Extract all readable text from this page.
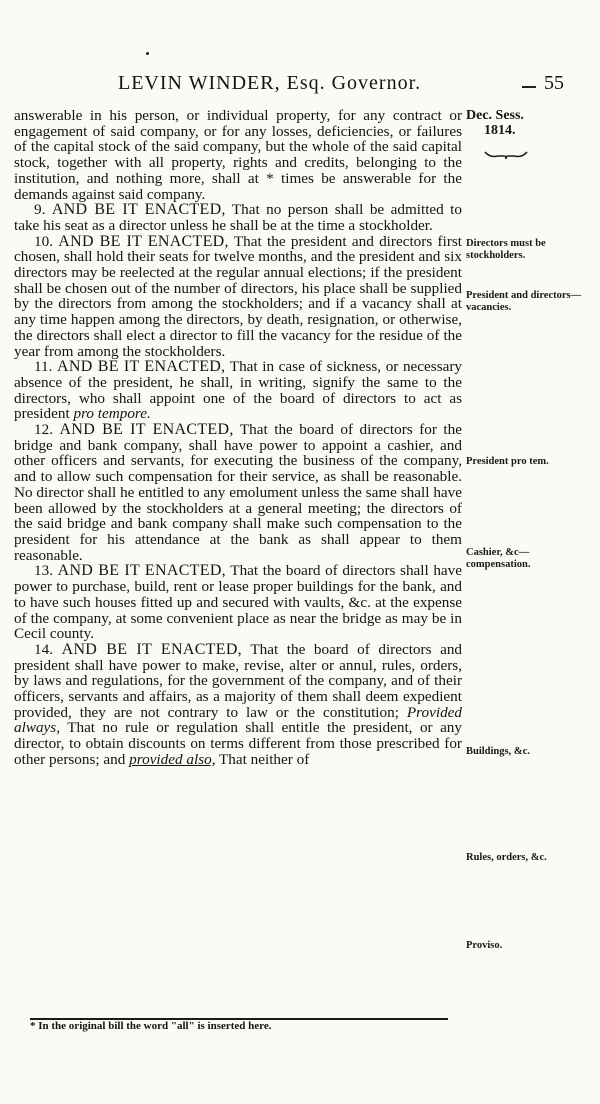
LEVIN WINDER, Esq. Governor.	55
Dec. Sess.
1814.

answerable in his person, or individual property, for any contract or engagement of said company, or for any losses, deficiencies, or failures of the capital stock of the said company, but the whole of the said capital stock, together with all property, rights and credits, belonging to the institution, and nothing more, shall at * times be answerable for the demands against said company.

9. AND BE IT ENACTED, That no person shall be admitted to take his seat as a director unless he shall be at the time a stockholder.

10. AND BE IT ENACTED, That the president and directors first chosen, shall hold their seats for twelve months, and the president and six directors may be reelected at the regular annual elections; if the president shall be chosen out of the number of directors, his place shall be supplied by the directors from among the stockholders; and if a vacancy shall at any time happen among the directors, by death, resignation, or otherwise, the directors shall elect a director to fill the vacancy for the residue of the year from among the stockholders.

11. AND BE IT ENACTED, That in case of sickness, or necessary absence of the president, he shall, in writing, signify the same to the directors, who shall appoint one of the board of directors to act as president pro tempore.

12. AND BE IT ENACTED, That the board of directors for the bridge and bank company, shall have power to appoint a cashier, and other officers and servants, for executing the business of the company, and to allow such compensation for their service, as shall be reasonable. No director shall he entitled to any emolument unless the same shall have been allowed by the stockholders at a general meeting; the directors of the said bridge and bank company shall make such compensation to the president for his attendance at the bank as shall appear to them reasonable.

13. AND BE IT ENACTED, That the board of directors shall have power to purchase, build, rent or lease proper buildings for the bank, and to have such houses fitted up and secured with vaults, &c. at the expense of the company, at some convenient place as near the bridge as may be in Cecil county.

14. AND BE IT ENACTED, That the board of directors and president shall have power to make, revise, alter or annul, rules, orders, by laws and regulations, for the government of the company, and of their officers, servants and affairs, as a majority of them shall deem expedient provided, they are not contrary to law or the constitution; Provided always, That no rule or regulation shall entitle the president, or any director, to obtain discounts on terms different from those prescribed for other persons; and provided also, That neither of

Directors must be stockholders.
President and directors—vacancies.
President pro tem.
Cashier, &c—compensation.
Buildings, &c.
Rules, orders, &c.
Proviso.
* In the original bill the word "all" is inserted here.
